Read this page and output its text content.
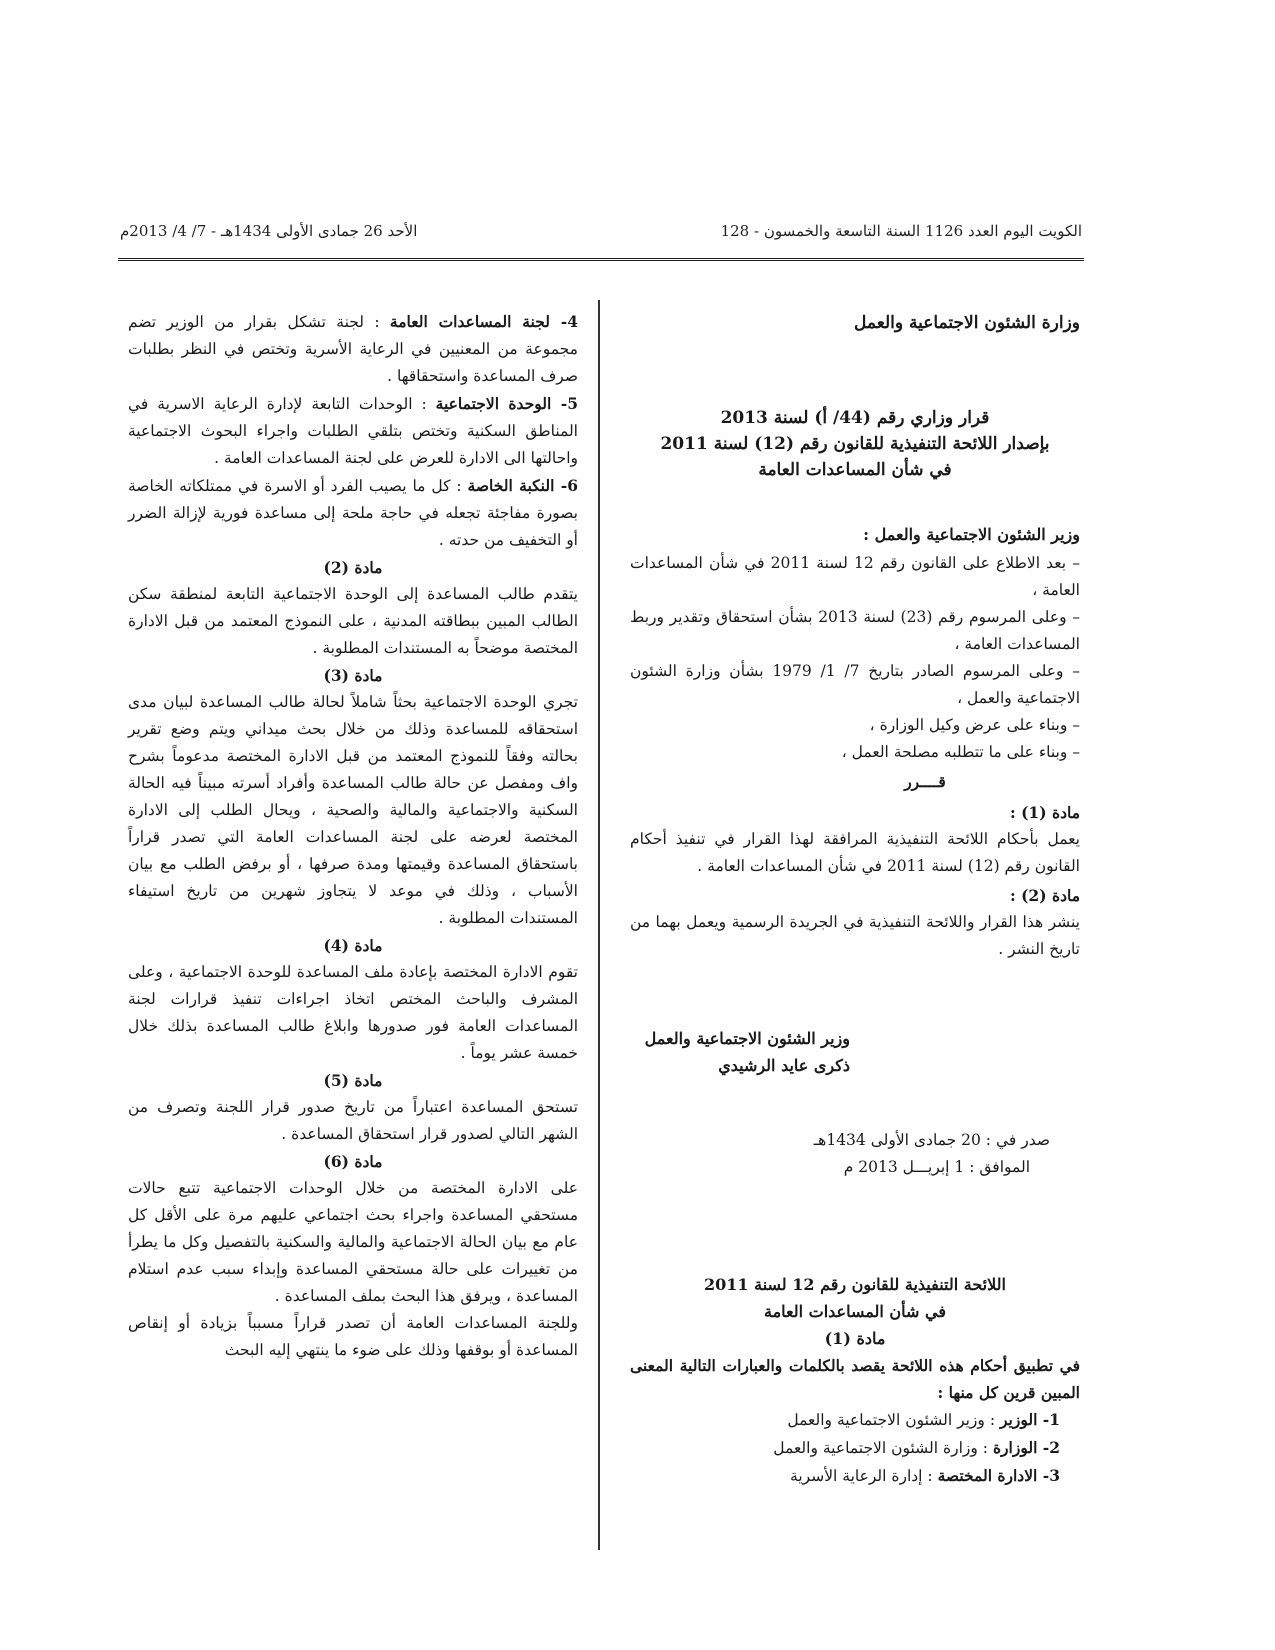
الكويت اليوم العدد 1126 السنة التاسعة والخمسون - 128
الأحد 26 جمادى الأولى 1434هـ - 7/ 4/ 2013م

وزارة الشئون الاجتماعية والعمل

قرار وزاري رقم (44/ أ) لسنة 2013

بإصدار اللائحة التنفيذية للقانون رقم (12) لسنة 2011

في شأن المساعدات العامة

وزير الشئون الاجتماعية والعمل :

– بعد الاطلاع على القانون رقم 12 لسنة 2011 في شأن المساعدات العامة ،

– وعلى المرسوم رقم (23) لسنة 2013 بشأن استحقاق وتقدير وربط المساعدات العامة ،

– وعلى المرسوم الصادر بتاريخ 7/ 1/ 1979 بشأن وزارة الشئون الاجتماعية والعمل ،

– وبناء على عرض وكيل الوزارة ،

– وبناء على ما تتطلبه مصلحة العمل ،

قــــرر

مادة (1) :

يعمل بأحكام اللائحة التنفيذية المرافقة لهذا القرار في تنفيذ أحكام القانون رقم (12) لسنة 2011 في شأن المساعدات العامة .

مادة (2) :

ينشر هذا القرار واللائحة التنفيذية في الجريدة الرسمية ويعمل بهما من تاريخ النشر .

وزير الشئون الاجتماعية والعمل

ذكرى عايد الرشيدي

صدر في : 20 جمادى الأولى 1434هـ

الموافق : 1 إبريـــل 2013 م

اللائحة التنفيذية للقانون رقم 12 لسنة 2011

في شأن المساعدات العامة

مادة (1)

في تطبيق أحكام هذه اللائحة يقصد بالكلمات والعبارات التالية المعنى المبين قرين كل منها :

1- الوزير : وزير الشئون الاجتماعية والعمل

2- الوزارة : وزارة الشئون الاجتماعية والعمل

3- الادارة المختصة : إدارة الرعاية الأسرية

4- لجنة المساعدات العامة : لجنة تشكل بقرار من الوزير تضم مجموعة من المعنيين في الرعاية الأسرية وتختص في النظر بطلبات صرف المساعدة واستحقاقها .

5- الوحدة الاجتماعية : الوحدات التابعة لإدارة الرعاية الاسرية في المناطق السكنية وتختص بتلقي الطلبات واجراء البحوث الاجتماعية واحالتها الى الادارة للعرض على لجنة المساعدات العامة .

6- النكبة الخاصة : كل ما يصيب الفرد أو الاسرة في ممتلكاته الخاصة بصورة مفاجئة تجعله في حاجة ملحة إلى مساعدة فورية لإزالة الضرر أو التخفيف من حدته .

مادة (2)

يتقدم طالب المساعدة إلى الوحدة الاجتماعية التابعة لمنطقة سكن الطالب المبين ببطاقته المدنية ، على النموذج المعتمد من قبل الادارة المختصة موضحاً به المستندات المطلوبة .

مادة (3)

تجري الوحدة الاجتماعية بحثاً شاملاً لحالة طالب المساعدة لبيان مدى استحقاقه للمساعدة وذلك من خلال بحث ميداني ويتم وضع تقرير بحالته وفقاً للنموذج المعتمد من قبل الادارة المختصة مدعوماً بشرح واف ومفصل عن حالة طالب المساعدة وأفراد أسرته مبيناً فيه الحالة السكنية والاجتماعية والمالية والصحية ، ويحال الطلب إلى الادارة المختصة لعرضه على لجنة المساعدات العامة التي تصدر قراراً باستحقاق المساعدة وقيمتها ومدة صرفها ، أو برفض الطلب مع بيان الأسباب ، وذلك في موعد لا يتجاوز شهرين من تاريخ استيفاء المستندات المطلوبة .

مادة (4)

تقوم الادارة المختصة بإعادة ملف المساعدة للوحدة الاجتماعية ، وعلى المشرف والباحث المختص اتخاذ اجراءات تنفيذ قرارات لجنة المساعدات العامة فور صدورها وابلاغ طالب المساعدة بذلك خلال خمسة عشر يوماً .

مادة (5)

تستحق المساعدة اعتباراً من تاريخ صدور قرار اللجنة وتصرف من الشهر التالي لصدور قرار استحقاق المساعدة .

مادة (6)

على الادارة المختصة من خلال الوحدات الاجتماعية تتبع حالات مستحقي المساعدة واجراء بحث اجتماعي عليهم مرة على الأقل كل عام مع بيان الحالة الاجتماعية والمالية والسكنية بالتفصيل وكل ما يطرأ من تغييرات على حالة مستحقي المساعدة وإبداء سبب عدم استلام المساعدة ، ويرفق هذا البحث بملف المساعدة .

وللجنة المساعدات العامة أن تصدر قراراً مسبباً بزيادة أو إنقاص المساعدة أو بوقفها وذلك على ضوء ما ينتهي إليه البحث
